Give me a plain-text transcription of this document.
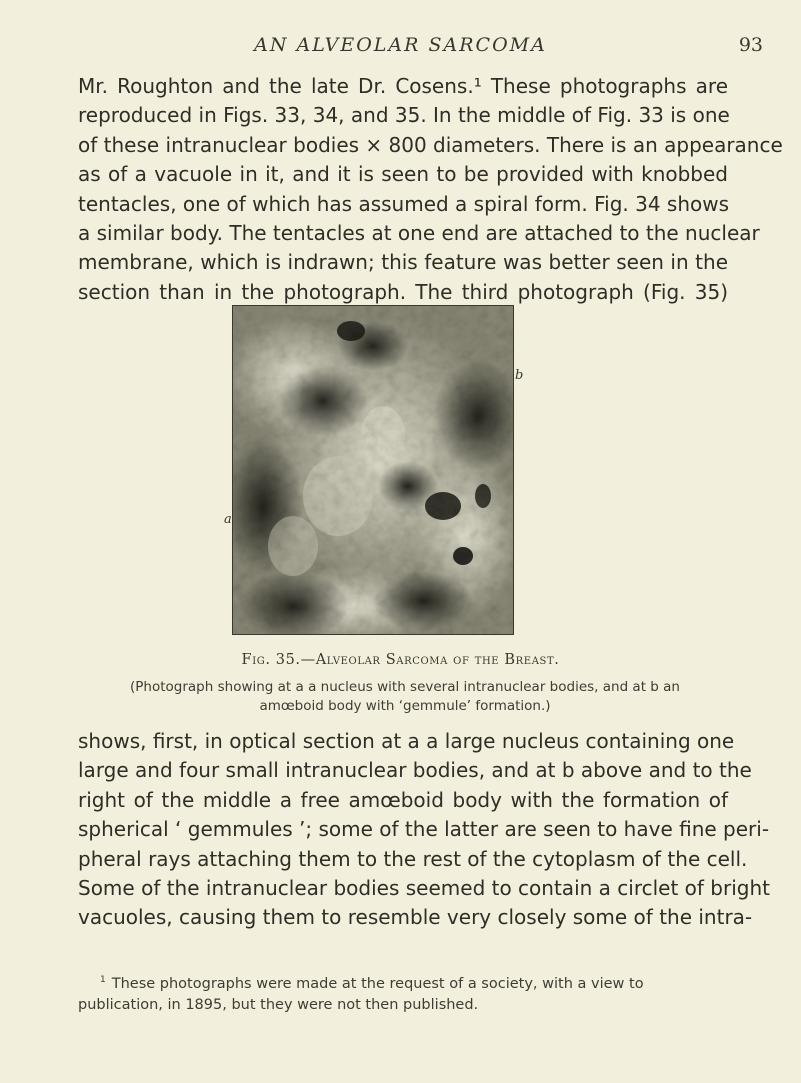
AN ALVEOLAR SARCOMA	93
Mr. Roughton and the late Dr. Cosens.¹ These photographs are
reproduced in Figs. 33, 34, and 35. In the middle of Fig. 33 is one
of these intranuclear bodies × 800 diameters. There is an appearance
as of a vacuole in it, and it is seen to be provided with knobbed
tentacles, one of which has assumed a spiral form. Fig. 34 shows
a similar body. The tentacles at one end are attached to the nuclear
membrane, which is indrawn; this feature was better seen in the
section than in the photograph. The third photograph (Fig. 35)
b
a
Fig. 35.—Alveolar Sarcoma of the Breast.
(Photograph showing at a a nucleus with several intranuclear bodies, and at b an
amœboid body with ‘gemmule’ formation.)
shows, first, in optical section at a a large nucleus containing one
large and four small intranuclear bodies, and at b above and to the
right of the middle a free amœboid body with the formation of
spherical ‘ gemmules ’; some of the latter are seen to have fine peri-
pheral rays attaching them to the rest of the cytoplasm of the cell.
Some of the intranuclear bodies seemed to contain a circlet of bright
vacuoles, causing them to resemble very closely some of the intra-
$^1$ These photographs were made at the request of a society, with a view to
publication, in 1895, but they were not then published.
